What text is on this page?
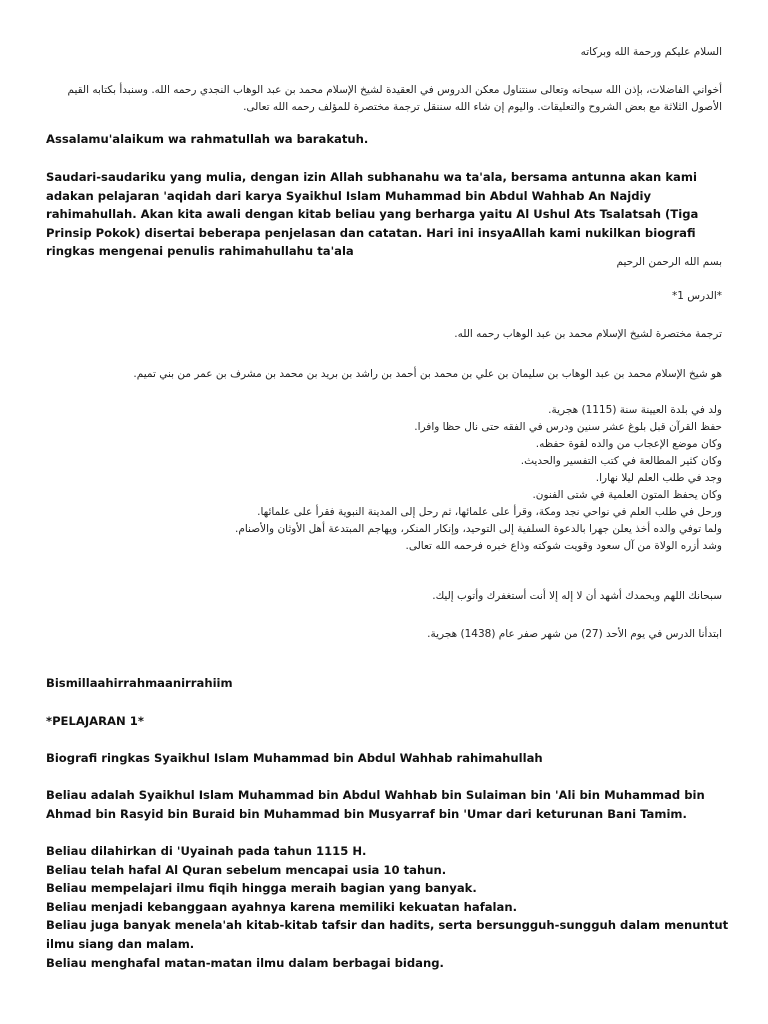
السلام عليكم ورحمة الله وبركاته

أخواني الفاضلات، بإذن الله سبحانه وتعالى سنتناول معكن الدروس في العقيدة لشيخ الإسلام محمد بن عبد الوهاب النجدي رحمه الله. وسنبدأ بكتابه القيم

الأصول الثلاثة مع بعض الشروح والتعليقات. واليوم إن شاء الله سننقل ترجمة مختصرة للمؤلف رحمه الله تعالى.

Assalamu'alaikum wa rahmatullah wa barakatuh.
Saudari-saudariku yang mulia, dengan izin Allah subhanahu wa ta'ala, bersama antunna akan kami adakan pelajaran 'aqidah dari karya Syaikhul Islam Muhammad bin Abdul Wahhab An Najdiy rahimahullah. Akan kita awali dengan kitab beliau yang berharga yaitu Al Ushul Ats Tsalatsah (Tiga Prinsip Pokok) disertai beberapa penjelasan dan catatan. Hari ini insyaAllah kami nukilkan biografi ringkas mengenai penulis rahimahullahu ta'ala
بسم الله الرحمن الرحيم
*الدرس 1*
ترجمة مختصرة لشيخ الإسلام محمد بن عبد الوهاب رحمه الله.
هو شيخ الإسلام محمد بن عبد الوهاب بن سليمان بن علي بن محمد بن أحمد بن راشد بن بريد بن محمد بن مشرف بن عمر من بني تميم.

ولد في بلدة العيينة سنة (1115) هجرية.

حفظ القرآن قبل بلوغ عشر سنين ودرس في الفقه حتى نال حظا وافرا.

وكان موضع الإعجاب من والده لقوة حفظه.

وكان كثير المطالعة في كتب التفسير والحديث.

وجد في طلب العلم ليلا نهارا.

وكان يحفظ المتون العلمية في شتى الفنون.

ورحل في طلب العلم في نواحي نجد ومكة، وقرأ على علمائها، ثم رحل إلى المدينة النبوية فقرأ على علمائها.

ولما توفي والده أخذ يعلن جهرا بالدعوة السلفية إلى التوحيد، وإنكار المنكر، ويهاجم المبتدعة أهل الأوثان والأصنام.

وشد أزره الولاة من آل سعود وقويت شوكته وذاع خبره فرحمه الله تعالى.

سبحانك اللهم وبحمدك أشهد أن لا إله إلا أنت أستغفرك وأتوب إليك.
ابتدأنا الدرس في يوم الأحد (27) من شهر صفر عام (1438) هجرية.
Bismillaahirrahmaanirrahiim
*PELAJARAN 1*
Biografi ringkas Syaikhul Islam Muhammad bin Abdul Wahhab rahimahullah
Beliau adalah Syaikhul Islam Muhammad bin Abdul Wahhab bin Sulaiman bin 'Ali bin Muhammad bin Ahmad bin Rasyid bin Buraid bin Muhammad bin Musyarraf bin 'Umar dari keturunan Bani Tamim.

Beliau dilahirkan di 'Uyainah pada tahun 1115 H.

Beliau telah hafal Al Quran sebelum mencapai usia 10 tahun.

Beliau mempelajari ilmu fiqih hingga meraih bagian yang banyak.

Beliau menjadi kebanggaan ayahnya karena memiliki kekuatan hafalan.

Beliau juga banyak menela'ah kitab-kitab tafsir dan hadits, serta bersungguh-sungguh dalam menuntut ilmu siang dan malam.

Beliau menghafal matan-matan ilmu dalam berbagai bidang.
